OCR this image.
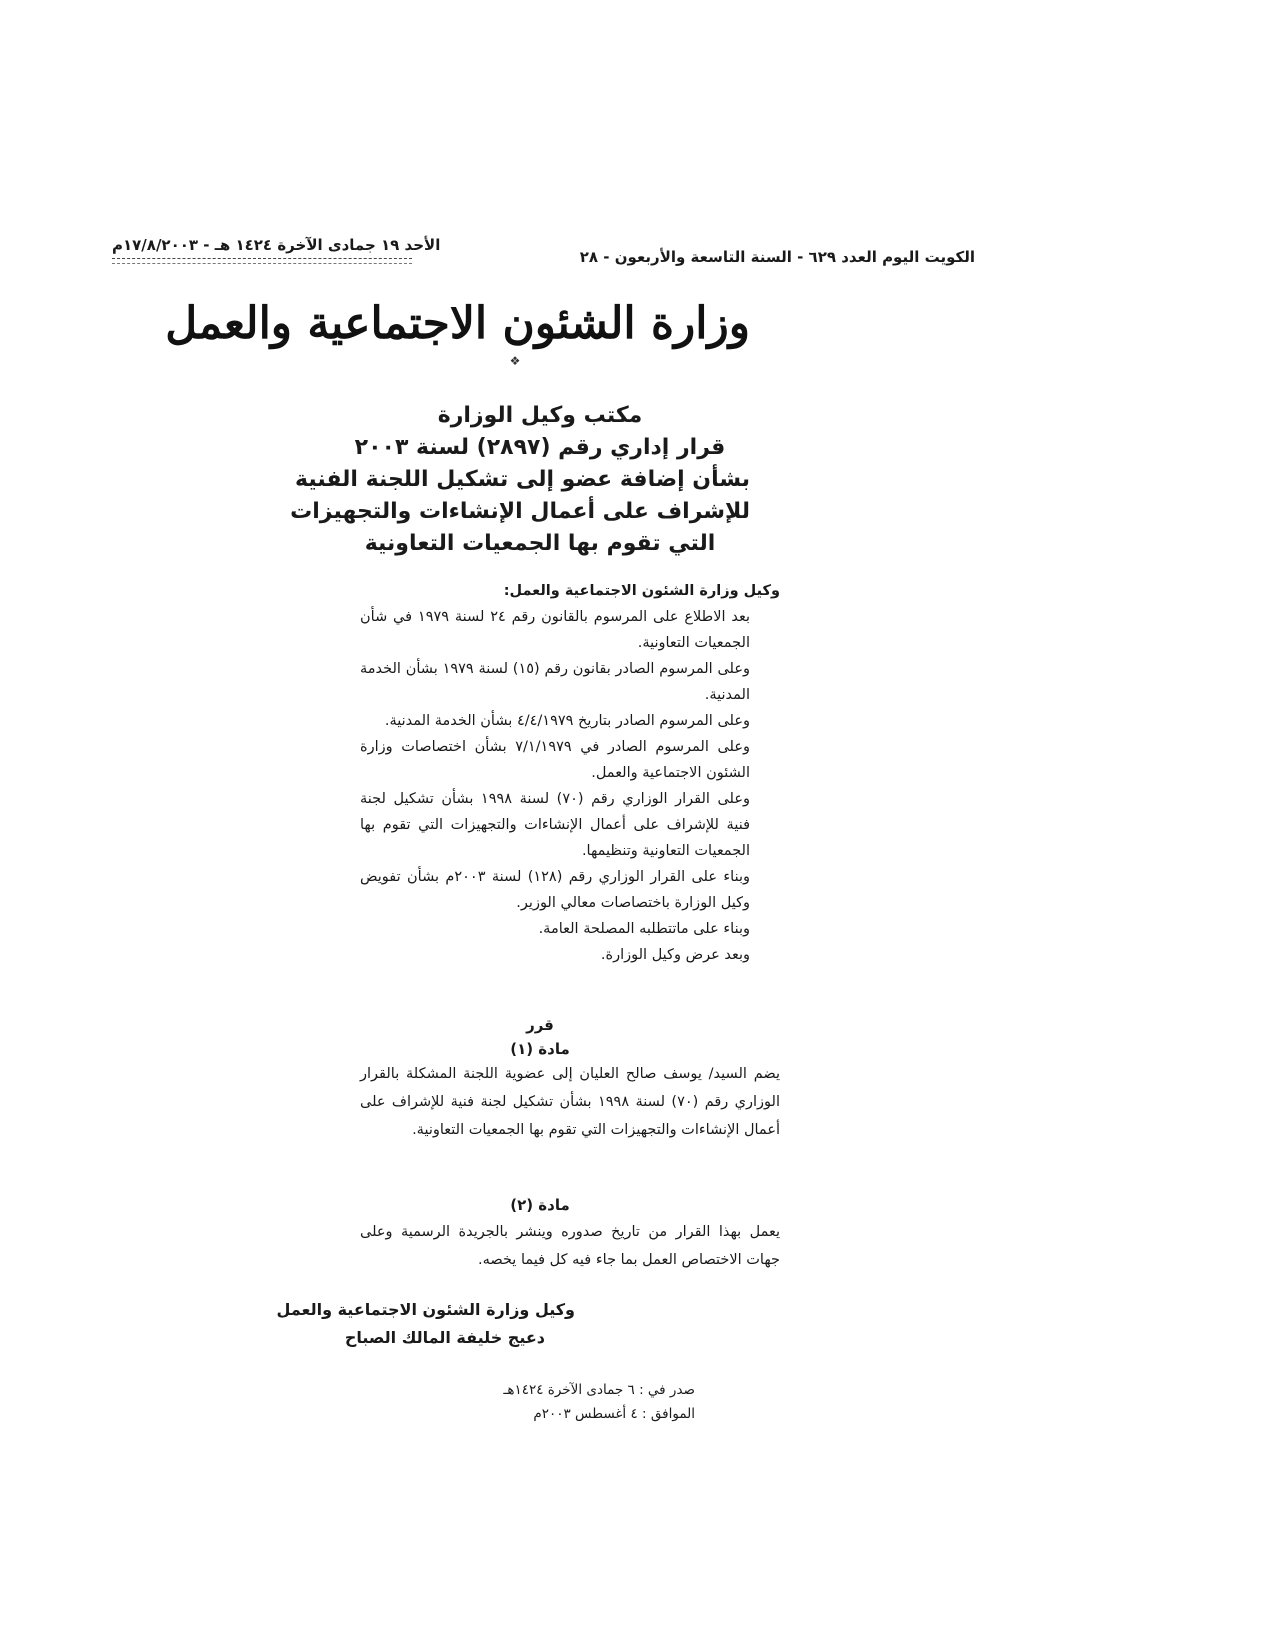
الكويت اليوم العدد ٦٢٩ - السنة التاسعة والأربعون - ٢٨
الأحد ١٩ جمادى الآخرة ١٤٢٤ هـ - ١٧/٨/٢٠٠٣م
وزارة الشئون الاجتماعية والعمل
❖
مكتب وكيل الوزارة
قرار إداري رقم (٢٨٩٧) لسنة ٢٠٠٣
بشأن إضافة عضو إلى تشكيل اللجنة الفنية
للإشراف على أعمال الإنشاءات والتجهيزات
التي تقوم بها الجمعيات التعاونية

وكيل وزارة الشئون الاجتماعية والعمل:

بعد الاطلاع على المرسوم بالقانون رقم ٢٤ لسنة ١٩٧٩ في شأن الجمعيات التعاونية.

وعلى المرسوم الصادر بقانون رقم (١٥) لسنة ١٩٧٩ بشأن الخدمة المدنية.

وعلى المرسوم الصادر بتاريخ ٤/٤/١٩٧٩ بشأن الخدمة المدنية.

وعلى المرسوم الصادر في ٧/١/١٩٧٩ بشأن اختصاصات وزارة الشئون الاجتماعية والعمل.

وعلى القرار الوزاري رقم (٧٠) لسنة ١٩٩٨ بشأن تشكيل لجنة فنية للإشراف على أعمال الإنشاءات والتجهيزات التي تقوم بها الجمعيات التعاونية وتنظيمها.

وبناء على القرار الوزاري رقم (١٢٨) لسنة ٢٠٠٣م بشأن تفويض وكيل الوزارة باختصاصات معالي الوزير.

وبناء على ماتتطلبه المصلحة العامة.

وبعد عرض وكيل الوزارة.

قرر
مادة (١)
يضم السيد/ يوسف صالح العليان إلى عضوية اللجنة المشكلة بالقرار الوزاري رقم (٧٠) لسنة ١٩٩٨ بشأن تشكيل لجنة فنية للإشراف على أعمال الإنشاءات والتجهيزات التي تقوم بها الجمعيات التعاونية.
مادة (٢)
يعمل بهذا القرار من تاريخ صدوره وينشر بالجريدة الرسمية وعلى جهات الاختصاص العمل بما جاء فيه كل فيما يخصه.
وكيل وزارة الشئون الاجتماعية والعمل
دعيج خليفة المالك الصباح
صدر في : ٦ جمادى الآخرة ١٤٢٤هـ
الموافق : ٤ أغسطس ٢٠٠٣م
